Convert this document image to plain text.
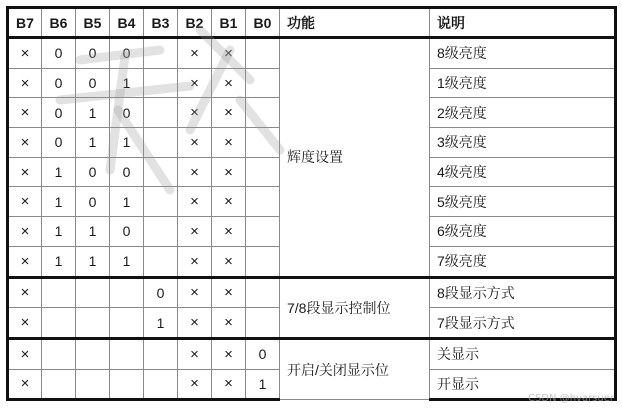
B7	B6	B5	B4	B3	B2	B1	B0	功能	说明
×	0	0	0		×	×		辉度设置	8级亮度
×	0	0	1		×	×			1级亮度
×	0	1	0		×	×			2级亮度
×	0	1	1		×	×			3级亮度
×	1	0	0		×	×			4级亮度
×	1	0	1		×	×			5级亮度
×	1	1	0		×	×			6级亮度
×	1	1	1		×	×			7级亮度
×				0	×	×		7/8段显示控制位	8段显示方式
×				1	×	×			7段显示方式
×					×	×	0	开启/关闭显示位	关显示
×					×	×	1		开显示
CSDN @hvarsuer
